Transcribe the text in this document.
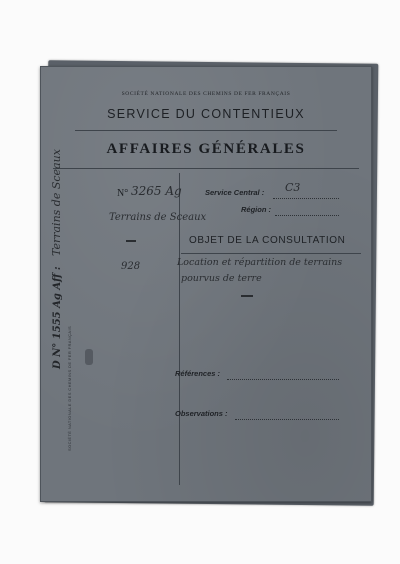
SOCIÉTÉ NATIONALE DES CHEMINS DE FER FRANÇAIS
SERVICE DU CONTENTIEUX
AFFAIRES GÉNÉRALES
N° 3265 Ag
Terrains de Sceaux
928
D N° 1555 Ag Aff : Terrains de Sceaux
SOCIÉTÉ NATIONALE DES CHEMINS DE FER FRANÇAIS
Service Central : C3
Région :
OBJET DE LA CONSULTATION
Location et répartition de terrains
pourvus de terre
Références :
Observations :
